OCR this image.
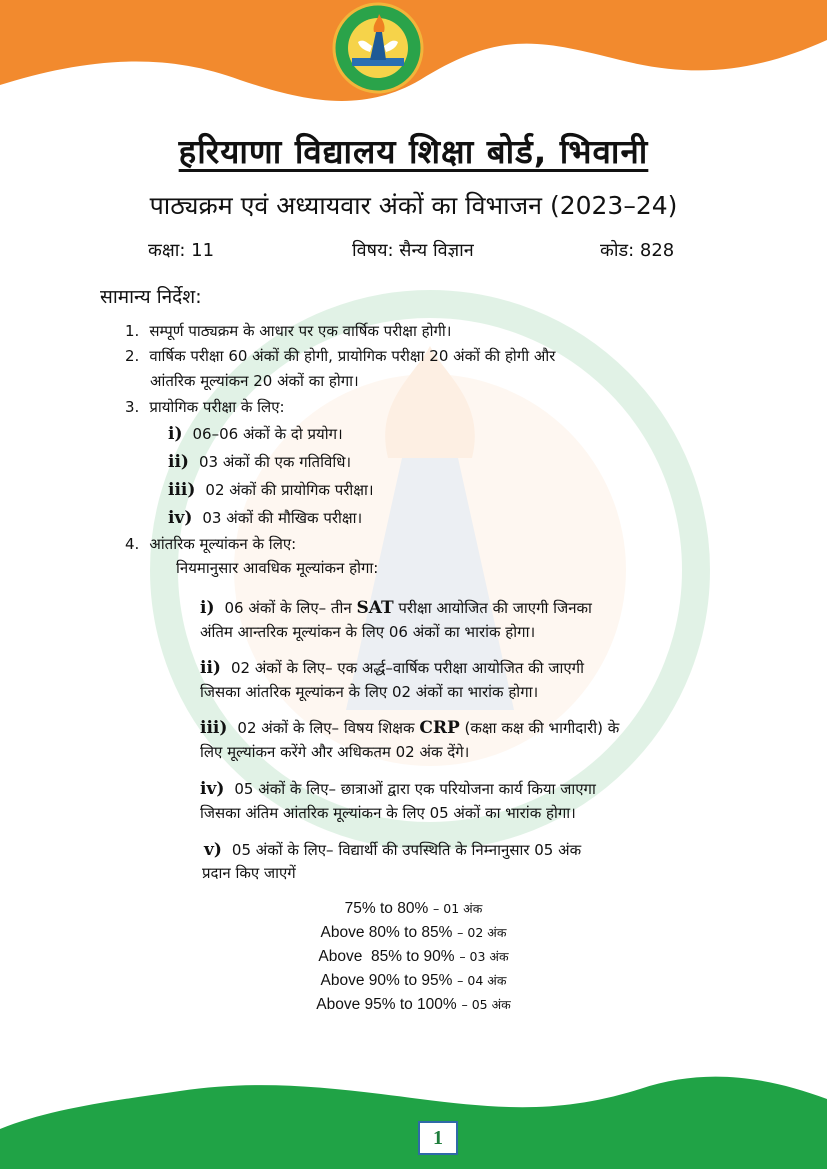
हरियाणा विद्यालय शिक्षा बोर्ड, भिवानी
पाठ्यक्रम एवं अध्यायवार अंकों का विभाजन (2023–24)
कक्षा: 11	विषय: सैन्य विज्ञान	कोड: 828
सामान्य निर्देश:
1. सम्पूर्ण पाठ्यक्रम के आधार पर एक वार्षिक परीक्षा होगी।
2. वार्षिक परीक्षा 60 अंकों की होगी, प्रायोगिक परीक्षा 20 अंकों की होगी और
आंतरिक मूल्यांकन 20 अंकों का होगा।
3. प्रायोगिक परीक्षा के लिए:
i) 06–06 अंकों के दो प्रयोग।
ii) 03 अंकों की एक गतिविधि।
iii) 02 अंकों की प्रायोगिक परीक्षा।
iv) 03 अंकों की मौखिक परीक्षा।
4. आंतरिक मूल्यांकन के लिए:
नियमानुसार आवधिक मूल्यांकन होगा:
i) 06 अंकों के लिए– तीन SAT परीक्षा आयोजित की जाएगी जिनका
अंतिम आन्तरिक मूल्यांकन के लिए 06 अंकों का भारांक होगा।
ii) 02 अंकों के लिए– एक अर्द्ध–वार्षिक परीक्षा आयोजित की जाएगी
जिसका आंतरिक मूल्यांकन के लिए 02 अंकों का भारांक होगा।
iii) 02 अंकों के लिए– विषय शिक्षक CRP (कक्षा कक्ष की भागीदारी) के
लिए मूल्यांकन करेंगे और अधिकतम 02 अंक देंगे।
iv) 05 अंकों के लिए– छात्राओं द्वारा एक परियोजना कार्य किया जाएगा
जिसका अंतिम आंतरिक मूल्यांकन के लिए 05 अंकों का भारांक होगा।
v) 05 अंकों के लिए– विद्यार्थी की उपस्थिति के निम्नानुसार 05 अंक
प्रदान किए जाएगें
75% to 80% – 01 अंक
Above 80% to 85% – 02 अंक
Above  85% to 90% – 03 अंक
Above 90% to 95% – 04 अंक
Above 95% to 100% – 05 अंक
1
